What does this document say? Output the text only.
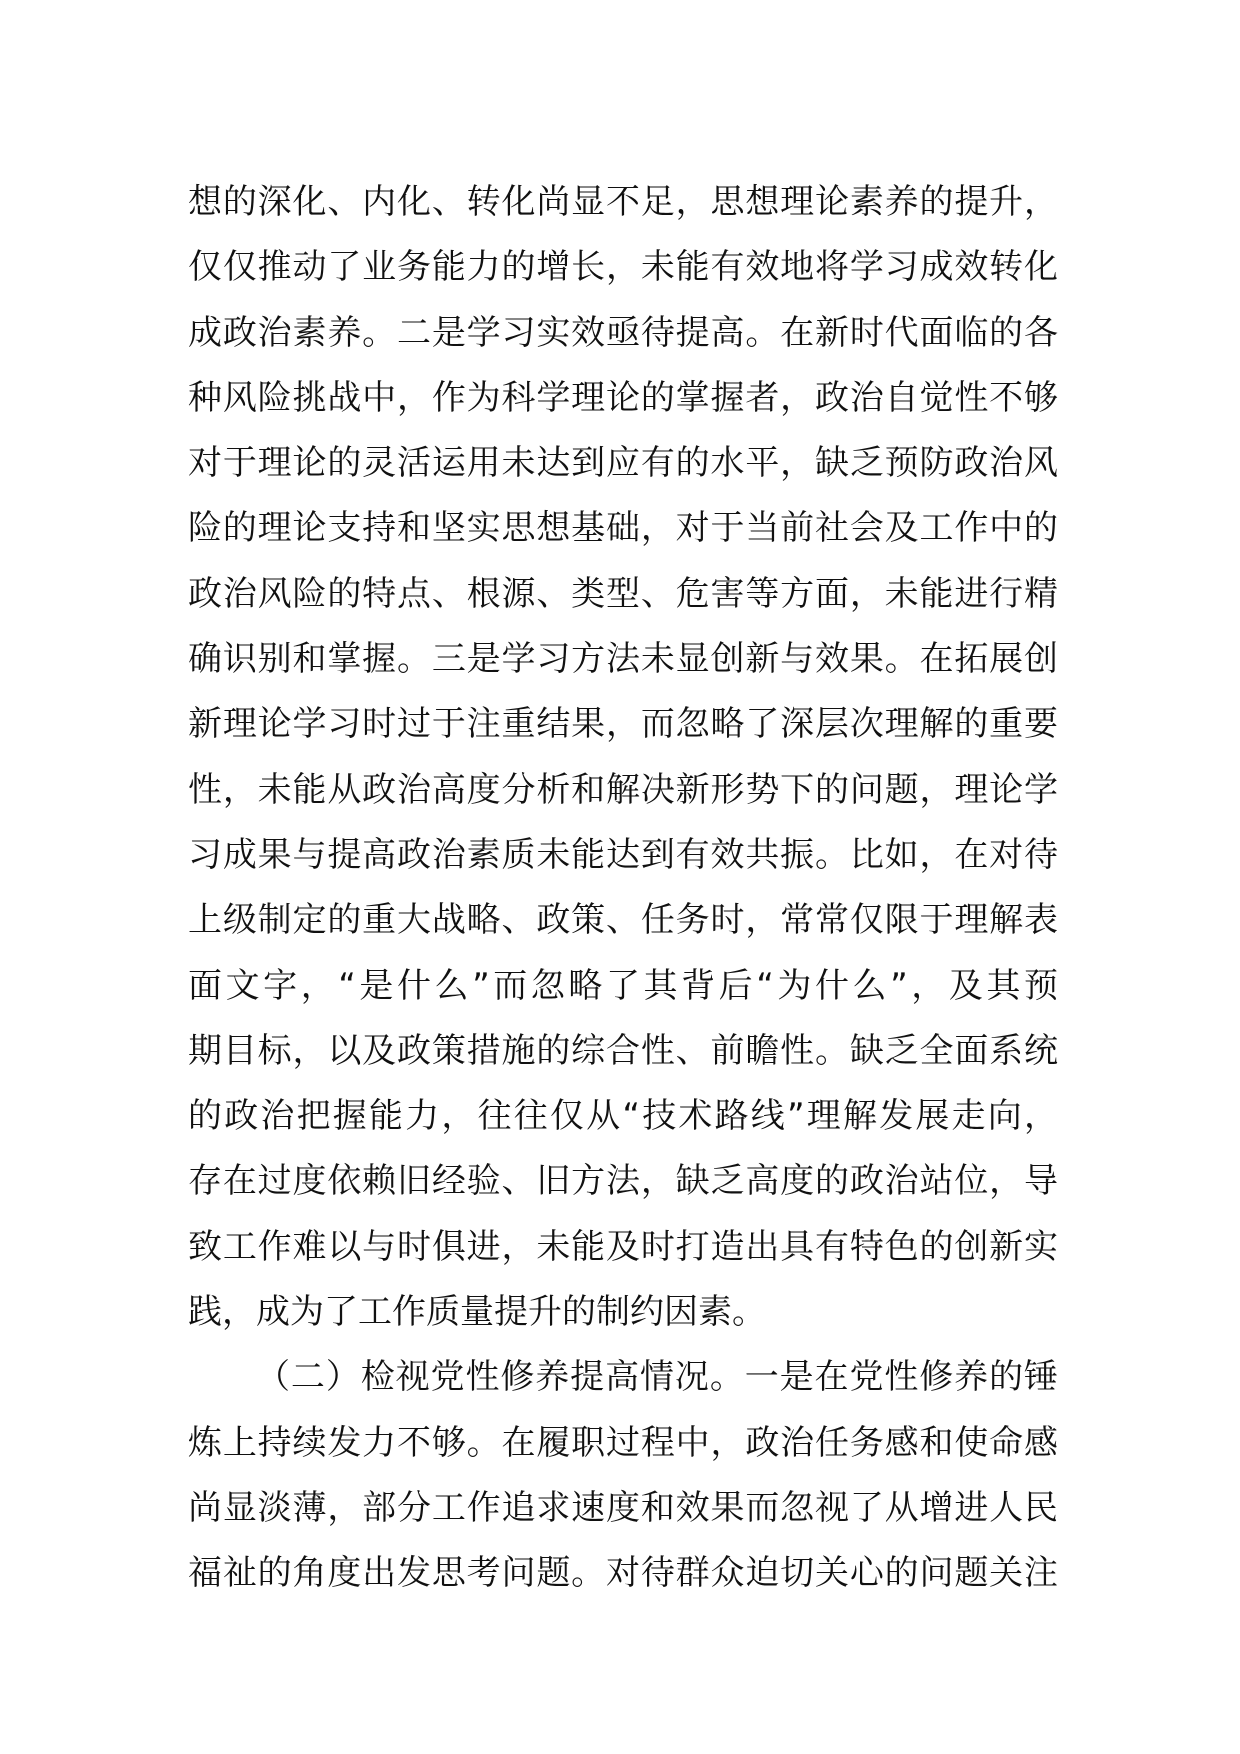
想的深化、内化、转化尚显不足，思想理论素养的提升，
仅仅推动了业务能力的增长，未能有效地将学习成效转化
成政治素养。二是学习实效亟待提高。在新时代面临的各
种风险挑战中，作为科学理论的掌握者，政治自觉性不够
对于理论的灵活运用未达到应有的水平，缺乏预防政治风
险的理论支持和坚实思想基础，对于当前社会及工作中的
政治风险的特点、根源、类型、危害等方面，未能进行精
确识别和掌握。三是学习方法未显创新与效果。在拓展创
新理论学习时过于注重结果，而忽略了深层次理解的重要
性，未能从政治高度分析和解决新形势下的问题，理论学
习成果与提高政治素质未能达到有效共振。比如，在对待
上级制定的重大战略、政策、任务时，常常仅限于理解表
面文字，“是什么”而忽略了其背后“为什么”，及其预
期目标，以及政策措施的综合性、前瞻性。缺乏全面系统
的政治把握能力，往往仅从“技术路线”理解发展走向，
存在过度依赖旧经验、旧方法，缺乏高度的政治站位，导
致工作难以与时俱进，未能及时打造出具有特色的创新实
践，成为了工作质量提升的制约因素。
（二）检视党性修养提高情况。一是在党性修养的锤
炼上持续发力不够。在履职过程中，政治任务感和使命感
尚显淡薄，部分工作追求速度和效果而忽视了从增进人民
福祉的角度出发思考问题。对待群众迫切关心的问题关注
